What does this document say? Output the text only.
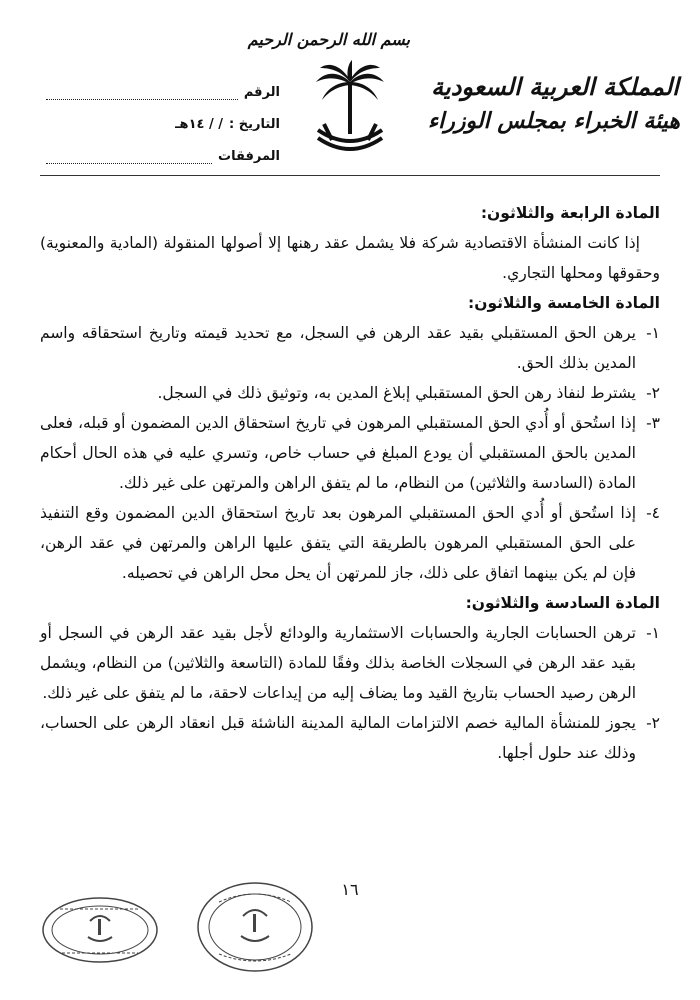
بسم الله الرحمن الرحيم
المملكة العربية السعودية
هيئة الخبراء بمجلس الوزراء
الرقم
التاريخ :
/ / ١٤هـ
المرفقات

المادة الرابعة والثلاثون:

إذا كانت المنشأة الاقتصادية شركة فلا يشمل عقد رهنها إلا أصولها المنقولة (المادية والمعنوية) وحقوقها ومحلها التجاري.

المادة الخامسة والثلاثون:

١-
يرهن الحق المستقبلي بقيد عقد الرهن في السجل، مع تحديد قيمته وتاريخ استحقاقه واسم المدين بذلك الحق.
٢-
يشترط لنفاذ رهن الحق المستقبلي إبلاغ المدين به، وتوثيق ذلك في السجل.
٣-
إذا استُحق أو أُدي الحق المستقبلي المرهون في تاريخ استحقاق الدين المضمون أو قبله، فعلى المدين بالحق المستقبلي أن يودع المبلغ في حساب خاص، وتسري عليه في هذه الحال أحكام المادة (السادسة والثلاثين) من النظام، ما لم يتفق الراهن والمرتهن على غير ذلك.
٤-
إذا استُحق أو أُدي الحق المستقبلي المرهون بعد تاريخ استحقاق الدين المضمون وقع التنفيذ على الحق المستقبلي المرهون بالطريقة التي يتفق عليها الراهن والمرتهن في عقد الرهن، فإن لم يكن بينهما اتفاق على ذلك، جاز للمرتهن أن يحل محل الراهن في تحصيله.

المادة السادسة والثلاثون:

١-
ترهن الحسابات الجارية والحسابات الاستثمارية والودائع لأجل بقيد عقد الرهن في السجل أو بقيد عقد الرهن في السجلات الخاصة بذلك وفقًا للمادة (التاسعة والثلاثين) من النظام، ويشمل الرهن رصيد الحساب بتاريخ القيد وما يضاف إليه من إيداعات لاحقة، ما لم يتفق على غير ذلك.
٢-
يجوز للمنشأة المالية خصم الالتزامات المالية المدينة الناشئة قبل انعقاد الرهن على الحساب، وذلك عند حلول أجلها.
١٦
